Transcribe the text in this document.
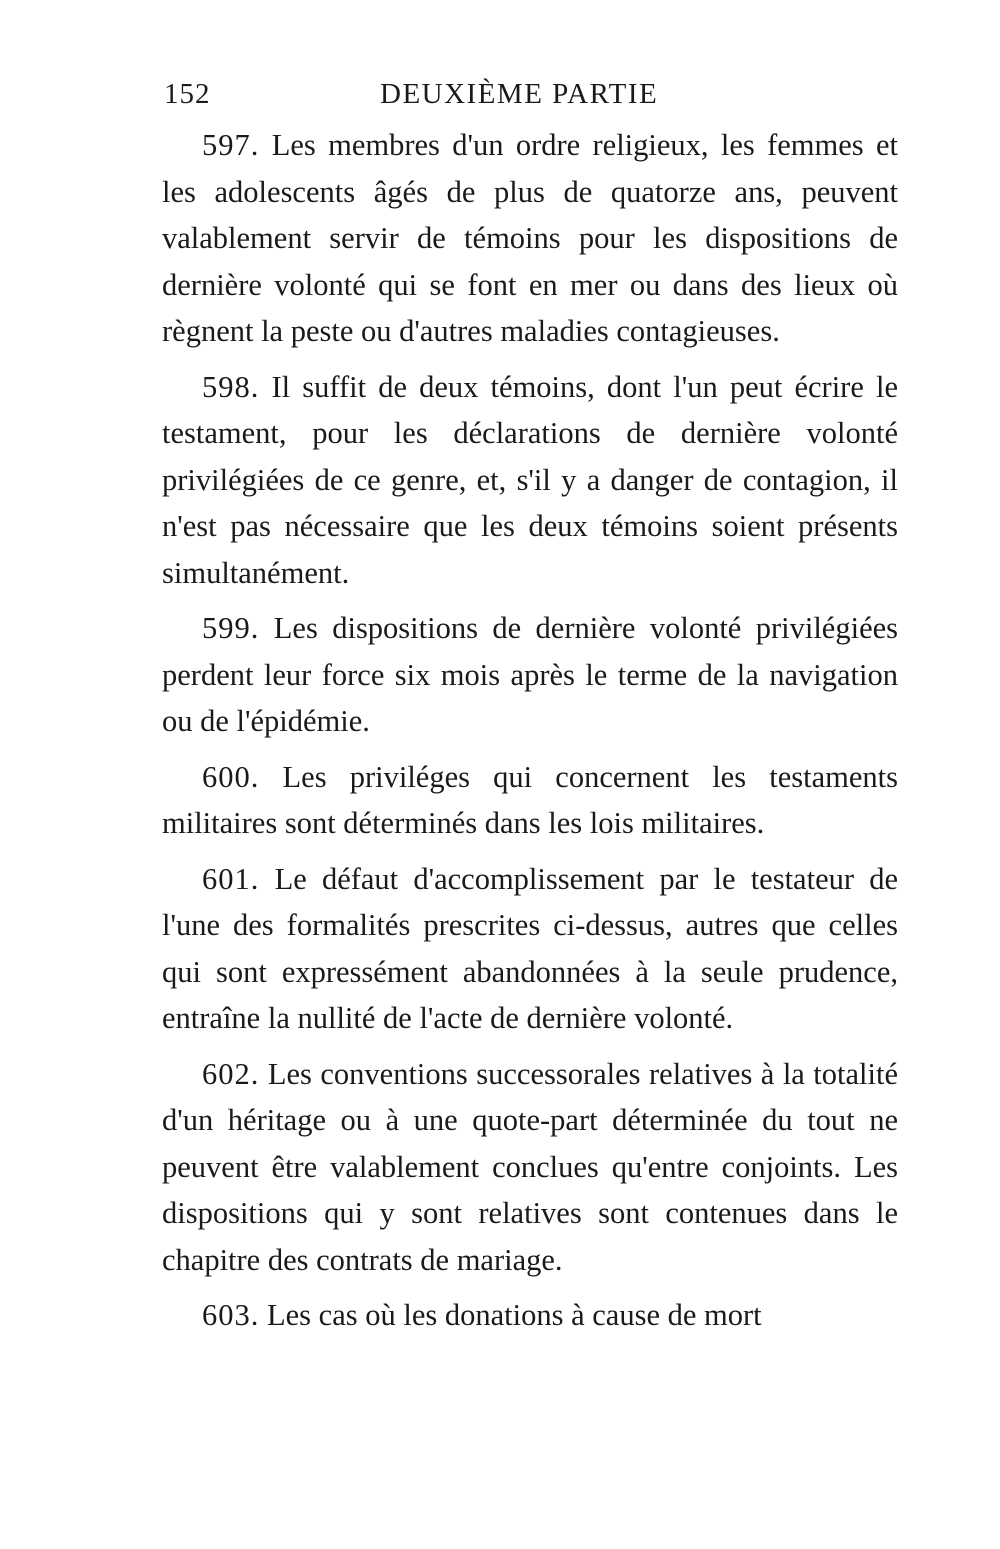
152	DEUXIÈME PARTIE

597. Les membres d'un ordre religieux, les femmes et les adolescents âgés de plus de quatorze ans, peuvent valablement servir de témoins pour les dispositions de dernière volonté qui se font en mer ou dans des lieux où règnent la peste ou d'autres maladies contagieuses.

598. Il suffit de deux témoins, dont l'un peut écrire le testament, pour les déclarations de dernière volonté privilégiées de ce genre, et, s'il y a danger de contagion, il n'est pas nécessaire que les deux témoins soient présents simultanément.

599. Les dispositions de dernière volonté privilégiées perdent leur force six mois après le terme de la navigation ou de l'épidémie.

600. Les priviléges qui concernent les testaments militaires sont déterminés dans les lois militaires.

601. Le défaut d'accomplissement par le testateur de l'une des formalités prescrites ci-dessus, autres que celles qui sont expressément abandonnées à la seule prudence, entraîne la nullité de l'acte de dernière volonté.

602. Les conventions successorales relatives à la totalité d'un héritage ou à une quote-part déterminée du tout ne peuvent être valablement conclues qu'entre conjoints. Les dispositions qui y sont relatives sont contenues dans le chapitre des contrats de mariage.

603. Les cas où les donations à cause de mort
